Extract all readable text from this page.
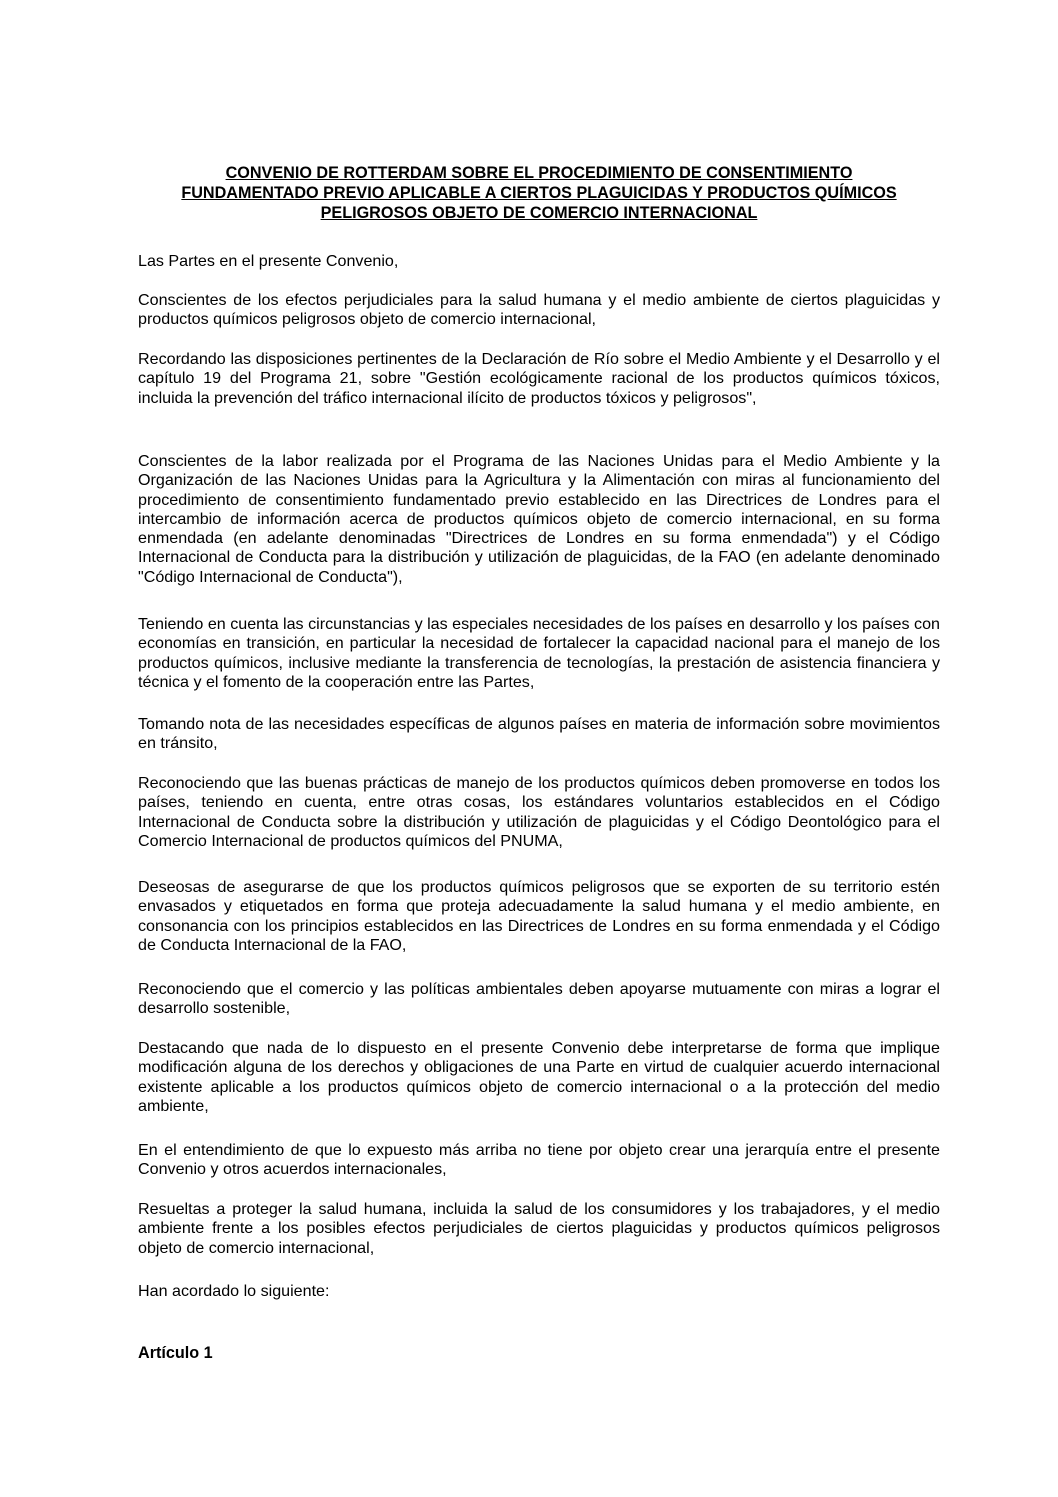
CONVENIO DE ROTTERDAM SOBRE EL PROCEDIMIENTO DE CONSENTIMIENTO
FUNDAMENTADO PREVIO APLICABLE A CIERTOS PLAGUICIDAS Y PRODUCTOS QUÍMICOS
PELIGROSOS OBJETO DE COMERCIO INTERNACIONAL

Las Partes en el presente Convenio,

Conscientes de los efectos perjudiciales para la salud humana y el medio ambiente de ciertos plaguicidas y productos químicos peligrosos objeto de comercio internacional,

Recordando las disposiciones pertinentes de la Declaración de Río sobre el Medio Ambiente y el Desarrollo y el capítulo 19 del Programa 21, sobre "Gestión ecológicamente racional de los productos químicos tóxicos, incluida la prevención del tráfico internacional ilícito de productos tóxicos y peligrosos",

Conscientes de la labor realizada por el Programa de las Naciones Unidas para el Medio Ambiente y la Organización de las Naciones Unidas para la Agricultura y la Alimentación con miras al funcionamiento del procedimiento de consentimiento fundamentado previo establecido en las Directrices de Londres para el intercambio de información acerca de productos químicos objeto de comercio internacional, en su forma enmendada (en adelante denominadas "Directrices de Londres en su forma enmendada") y el Código Internacional de Conducta para la distribución y utilización de plaguicidas, de la FAO (en adelante denominado "Código Internacional de Conducta"),

Teniendo en cuenta las circunstancias y las especiales necesidades de los países en desarrollo y los países con economías en transición, en particular la necesidad de fortalecer la capacidad nacional para el manejo de los productos químicos, inclusive mediante la transferencia de tecnologías, la prestación de asistencia financiera y técnica y el fomento de la cooperación entre las Partes,

Tomando nota de las necesidades específicas de algunos países en materia de información sobre movimientos en tránsito,

Reconociendo que las buenas prácticas de manejo de los productos químicos deben promoverse en todos los países, teniendo en cuenta, entre otras cosas, los estándares voluntarios establecidos en el Código Internacional de Conducta sobre la distribución y utilización de plaguicidas y el Código Deontológico para el Comercio Internacional de productos químicos del PNUMA,

Deseosas de asegurarse de que los productos químicos peligrosos que se exporten de su territorio estén envasados y etiquetados en forma que proteja adecuadamente la salud humana y el medio ambiente, en consonancia con los principios establecidos en las Directrices de Londres en su forma enmendada y el Código de Conducta Internacional de la FAO,

Reconociendo que el comercio y las políticas ambientales deben apoyarse mutuamente con miras a lograr el desarrollo sostenible,

Destacando que nada de lo dispuesto en el presente Convenio debe interpretarse de forma que implique modificación alguna de los derechos y obligaciones de una Parte en virtud de cualquier acuerdo internacional existente aplicable a los productos químicos objeto de comercio internacional o a la protección del medio ambiente,

En el entendimiento de que lo expuesto más arriba no tiene por objeto crear una jerarquía entre el presente Convenio y otros acuerdos internacionales,

Resueltas a proteger la salud humana, incluida la salud de los consumidores y los trabajadores, y el medio ambiente frente a los posibles efectos perjudiciales de ciertos plaguicidas y productos químicos peligrosos objeto de comercio internacional,

Han acordado lo siguiente:

Artículo 1
